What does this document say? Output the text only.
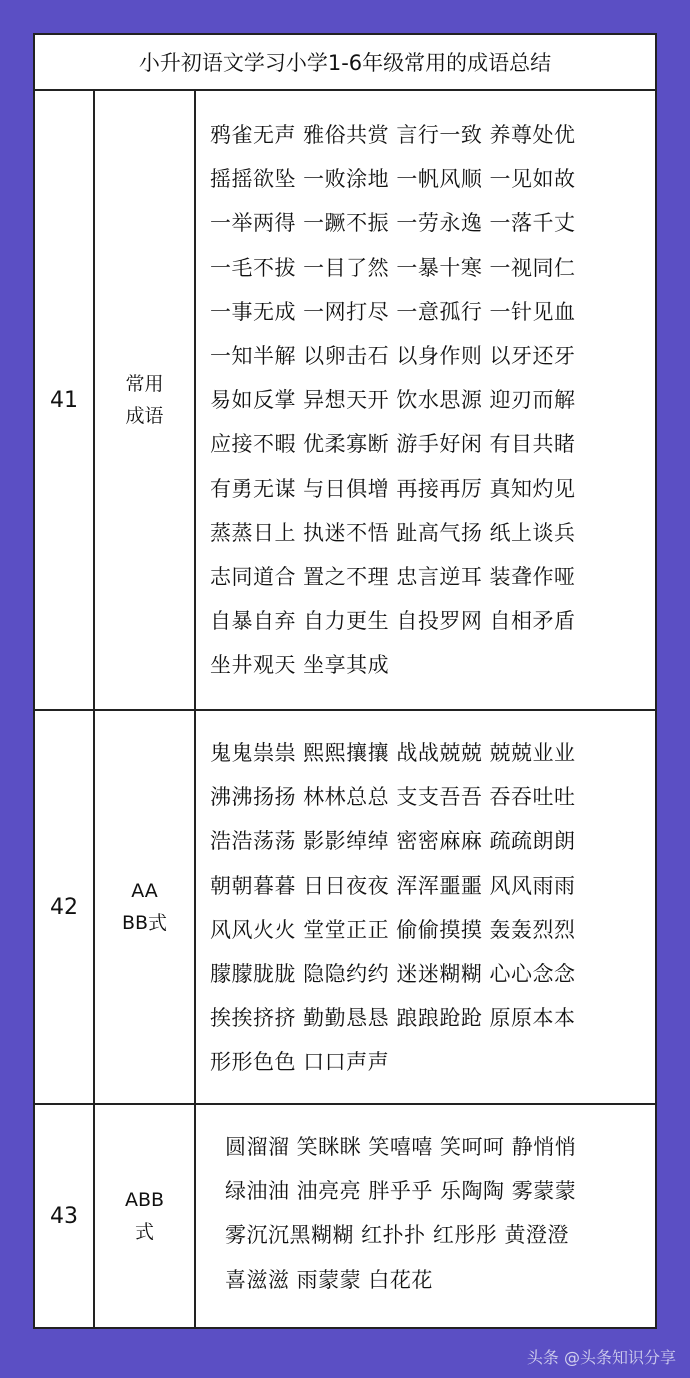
小升初语文学习小学1-6年级常用的成语总结
41
常用
成语
鸦雀无声 雅俗共赏 言行一致 养尊处优
摇摇欲坠 一败涂地 一帆风顺 一见如故
一举两得 一蹶不振 一劳永逸 一落千丈
一毛不拔 一目了然 一暴十寒 一视同仁
一事无成 一网打尽 一意孤行 一针见血
一知半解 以卵击石 以身作则 以牙还牙
易如反掌 异想天开 饮水思源 迎刃而解
应接不暇 优柔寡断 游手好闲 有目共睹
有勇无谋 与日俱增 再接再厉 真知灼见
蒸蒸日上 执迷不悟 趾高气扬 纸上谈兵
志同道合 置之不理 忠言逆耳 装聋作哑
自暴自弃 自力更生 自投罗网 自相矛盾
坐井观天 坐享其成
42
AA
BB式
鬼鬼祟祟 熙熙攘攘 战战兢兢 兢兢业业
沸沸扬扬 林林总总 支支吾吾 吞吞吐吐
浩浩荡荡 影影绰绰 密密麻麻 疏疏朗朗
朝朝暮暮 日日夜夜 浑浑噩噩 风风雨雨
风风火火 堂堂正正 偷偷摸摸 轰轰烈烈
朦朦胧胧 隐隐约约 迷迷糊糊 心心念念
挨挨挤挤 勤勤恳恳 踉踉跄跄 原原本本
形形色色 口口声声
43
ABB
式
圆溜溜 笑眯眯 笑嘻嘻 笑呵呵 静悄悄
绿油油 油亮亮 胖乎乎 乐陶陶 雾蒙蒙
雾沉沉黑糊糊 红扑扑 红彤彤 黄澄澄
喜滋滋 雨蒙蒙 白花花
头条 @头条知识分享
